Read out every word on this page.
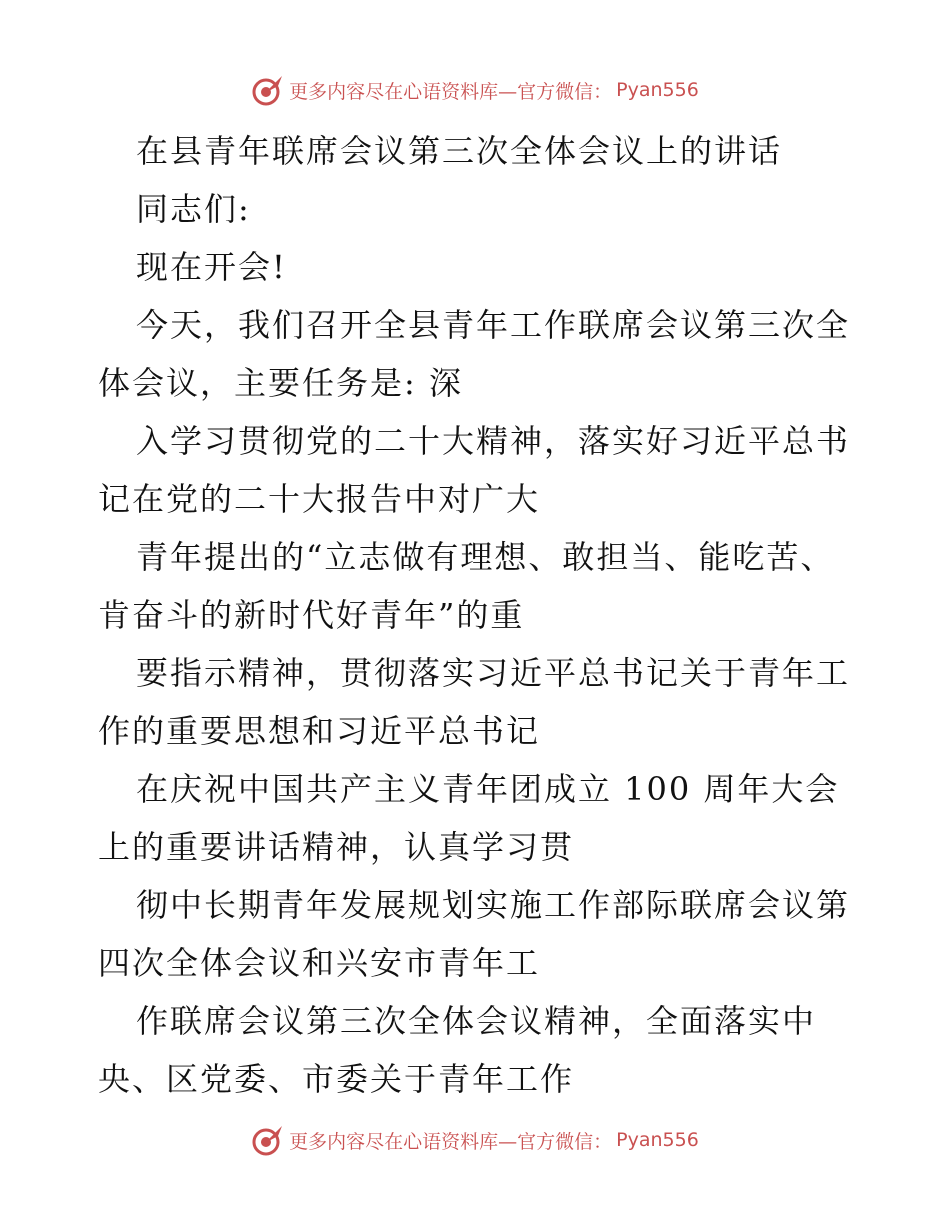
更多内容尽在心语资料库—官方微信： Pyan556
在县青年联席会议第三次全体会议上的讲话
同志们:
现在开会!
今天，我们召开全县青年工作联席会议第三次全
体会议，主要任务是: 深
入学习贯彻党的二十大精神，落实好习近平总书
记在党的二十大报告中对广大
青年提出的“立志做有理想、敢担当、能吃苦、
肯奋斗的新时代好青年”的重
要指示精神，贯彻落实习近平总书记关于青年工
作的重要思想和习近平总书记
在庆祝中国共产主义青年团成立 100 周年大会
上的重要讲话精神，认真学习贯
彻中长期青年发展规划实施工作部际联席会议第
四次全体会议和兴安市青年工
作联席会议第三次全体会议精神，全面落实中
央、区党委、市委关于青年工作
更多内容尽在心语资料库—官方微信： Pyan556
